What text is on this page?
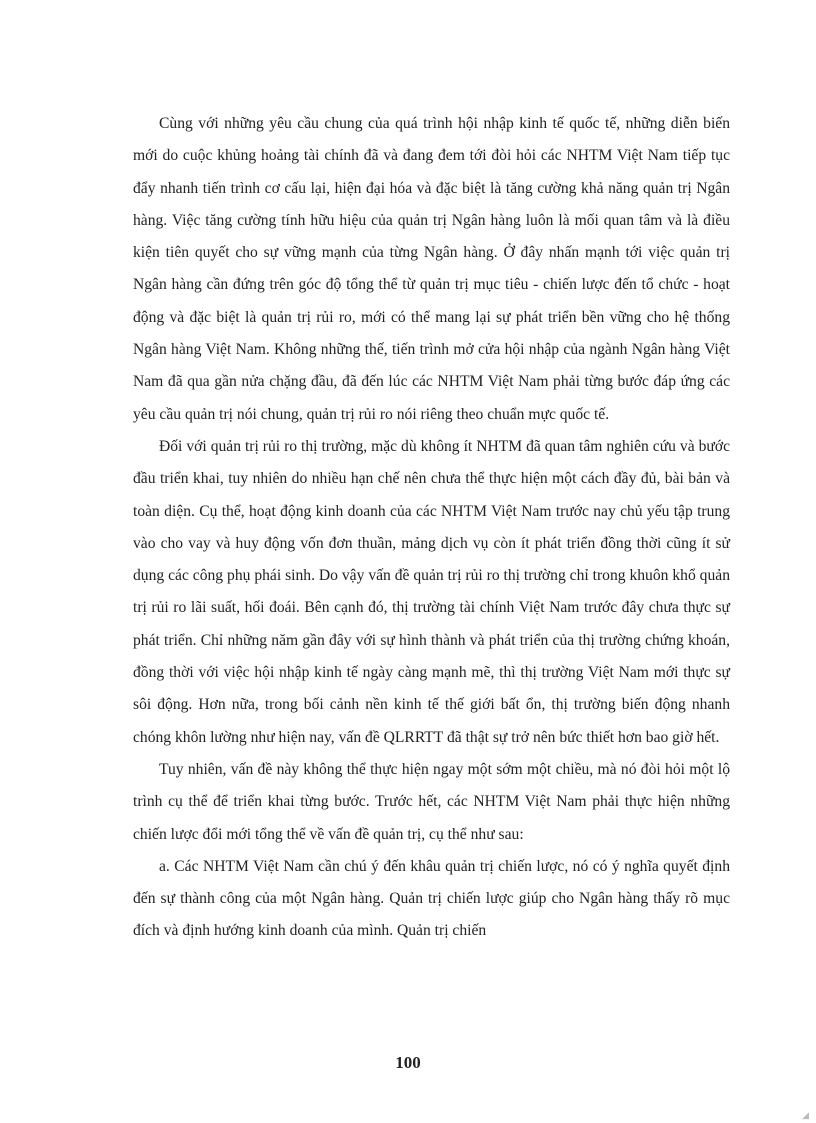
Cùng với những yêu cầu chung của quá trình hội nhập kinh tế quốc tế, những diễn biến mới do cuộc khủng hoảng tài chính đã và đang đem tới đòi hỏi các NHTM Việt Nam tiếp tục đẩy nhanh tiến trình cơ cấu lại, hiện đại hóa và đặc biệt là tăng cường khả năng quản trị Ngân hàng. Việc tăng cường tính hữu hiệu của quản trị Ngân hàng luôn là mối quan tâm và là điều kiện tiên quyết cho sự vững mạnh của từng Ngân hàng. Ở đây nhấn mạnh tới việc quản trị Ngân hàng cần đứng trên góc độ tổng thể từ quản trị mục tiêu - chiến lược đến tổ chức - hoạt động và đặc biệt là quản trị rủi ro, mới có thể mang lại sự phát triển bền vững cho hệ thống Ngân hàng Việt Nam. Không những thế, tiến trình mở cửa hội nhập của ngành Ngân hàng Việt Nam đã qua gần nửa chặng đầu, đã đến lúc các NHTM Việt Nam phải từng bước đáp ứng các yêu cầu quản trị nói chung, quản trị rủi ro nói riêng theo chuẩn mực quốc tế.

Đối với quản trị rủi ro thị trường, mặc dù không ít NHTM đã quan tâm nghiên cứu và bước đầu triển khai, tuy nhiên do nhiều hạn chế nên chưa thể thực hiện một cách đầy đủ, bài bản và toàn diện. Cụ thể, hoạt động kinh doanh của các NHTM Việt Nam trước nay chủ yếu tập trung vào cho vay và huy động vốn đơn thuần, mảng dịch vụ còn ít phát triển đồng thời cũng ít sử dụng các công phụ phái sinh. Do vậy vấn đề quản trị rủi ro thị trường chỉ trong khuôn khổ quản trị rủi ro lãi suất, hối đoái. Bên cạnh đó, thị trường tài chính Việt Nam trước đây chưa thực sự phát triển. Chỉ những năm gần đây với sự hình thành và phát triển của thị trường chứng khoán, đồng thời với việc hội nhập kinh tế ngày càng mạnh mẽ, thì thị trường Việt Nam mới thực sự sôi động. Hơn nữa, trong bối cảnh nền kinh tế thế giới bất ổn, thị trường biến động nhanh chóng khôn lường như hiện nay, vấn đề QLRRTT đã thật sự trở nên bức thiết hơn bao giờ hết.

Tuy nhiên, vấn đề này không thể thực hiện ngay một sớm một chiều, mà nó đòi hỏi một lộ trình cụ thể để triển khai từng bước. Trước hết, các NHTM Việt Nam phải thực hiện những chiến lược đổi mới tổng thể về vấn đề quản trị, cụ thể như sau:

a. Các NHTM Việt Nam cần chú ý đến khâu quản trị chiến lược, nó có ý nghĩa quyết định đến sự thành công của một Ngân hàng. Quản trị chiến lược giúp cho Ngân hàng thấy rõ mục đích và định hướng kinh doanh của mình. Quản trị chiến

100
◢
